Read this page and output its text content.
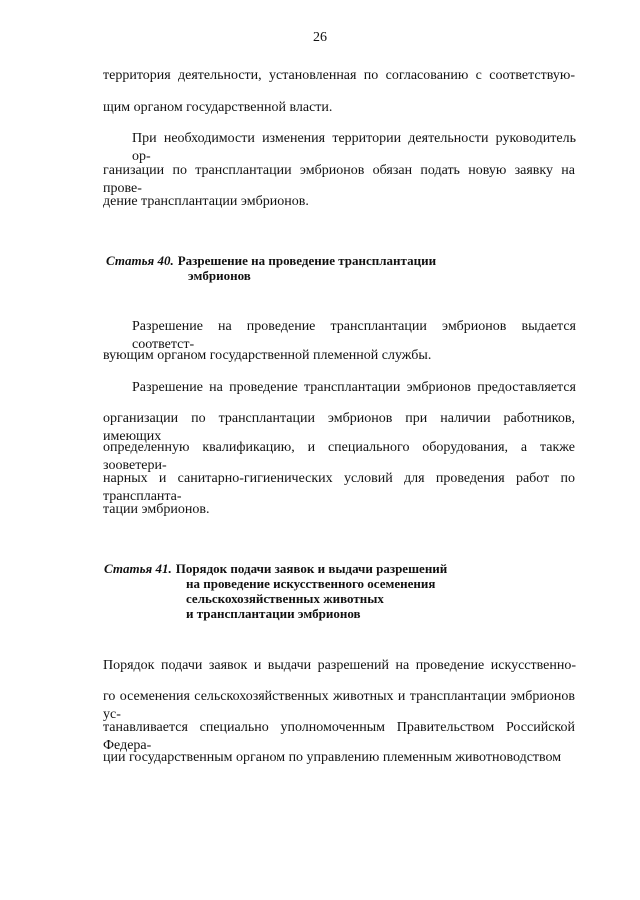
26

территория деятельности, установленная по согласованию с соответствую-

щим органом государственной власти.

При необходимости изменения территории деятельности руководитель ор-

ганизации по трансплантации эмбрионов обязан подать новую заявку на прове-

дение трансплантации эмбрионов.

Статья 40. Разрешение на проведение трансплантации
эмбрионов

Разрешение на проведение трансплантации эмбрионов выдается соответст-

вующим органом государственной племенной службы.

Разрешение на проведение трансплантации эмбрионов предоставляется

организации по трансплантации эмбрионов при наличии работников, имеющих

определенную квалификацию, и специального оборудования, а также зооветери-

нарных и санитарно-гигиенических условий для проведения работ по транспланта-

тации эмбрионов.

Статья 41. Порядок подачи заявок и выдачи разрешений
на проведение искусственного осеменения
сельскохозяйственных животных
и трансплантации эмбрионов

Порядок подачи заявок и выдачи разрешений на проведение искусственно-

го осеменения сельскохозяйственных животных и трансплантации эмбрионов ус-

танавливается специально уполномоченным Правительством Российской Федера-

ции государственным органом по управлению племенным животноводством
